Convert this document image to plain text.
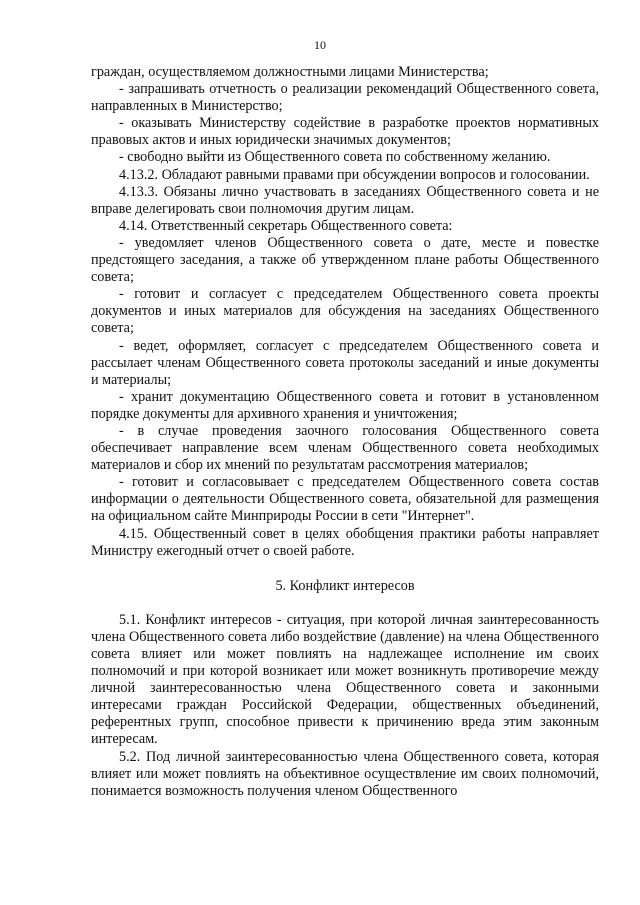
10

граждан, осуществляемом должностными лицами Министерства;

- запрашивать отчетность о реализации рекомендаций Общественного совета, направленных в Министерство;

- оказывать Министерству содействие в разработке проектов нормативных правовых актов и иных юридически значимых документов;

- свободно выйти из Общественного совета по собственному желанию.

4.13.2. Обладают равными правами при обсуждении вопросов и голосовании.

4.13.3. Обязаны лично участвовать в заседаниях Общественного совета и не вправе делегировать свои полномочия другим лицам.

4.14. Ответственный секретарь Общественного совета:

- уведомляет членов Общественного совета о дате, месте и повестке предстоящего заседания, а также об утвержденном плане работы Общественного совета;

- готовит и согласует с председателем Общественного совета проекты документов и иных материалов для обсуждения на заседаниях Общественного совета;

- ведет, оформляет, согласует с председателем Общественного совета и рассылает членам Общественного совета протоколы заседаний и иные документы и материалы;

- хранит документацию Общественного совета и готовит в установленном порядке документы для архивного хранения и уничтожения;

- в случае проведения заочного голосования Общественного совета обеспечивает направление всем членам Общественного совета необходимых материалов и сбор их мнений по результатам рассмотрения материалов;

- готовит и согласовывает с председателем Общественного совета состав информации о деятельности Общественного совета, обязательной для размещения на официальном сайте Минприроды России в сети "Интернет".

4.15. Общественный совет в целях обобщения практики работы направляет Министру ежегодный отчет о своей работе.

5. Конфликт интересов

5.1. Конфликт интересов - ситуация, при которой личная заинтересованность члена Общественного совета либо воздействие (давление) на члена Общественного совета влияет или может повлиять на надлежащее исполнение им своих полномочий и при которой возникает или может возникнуть противоречие между личной заинтересованностью члена Общественного совета и законными интересами граждан Российской Федерации, общественных объединений, референтных групп, способное привести к причинению вреда этим законным интересам.

5.2. Под личной заинтересованностью члена Общественного совета, которая влияет или может повлиять на объективное осуществление им своих полномочий, понимается возможность получения членом Общественного
